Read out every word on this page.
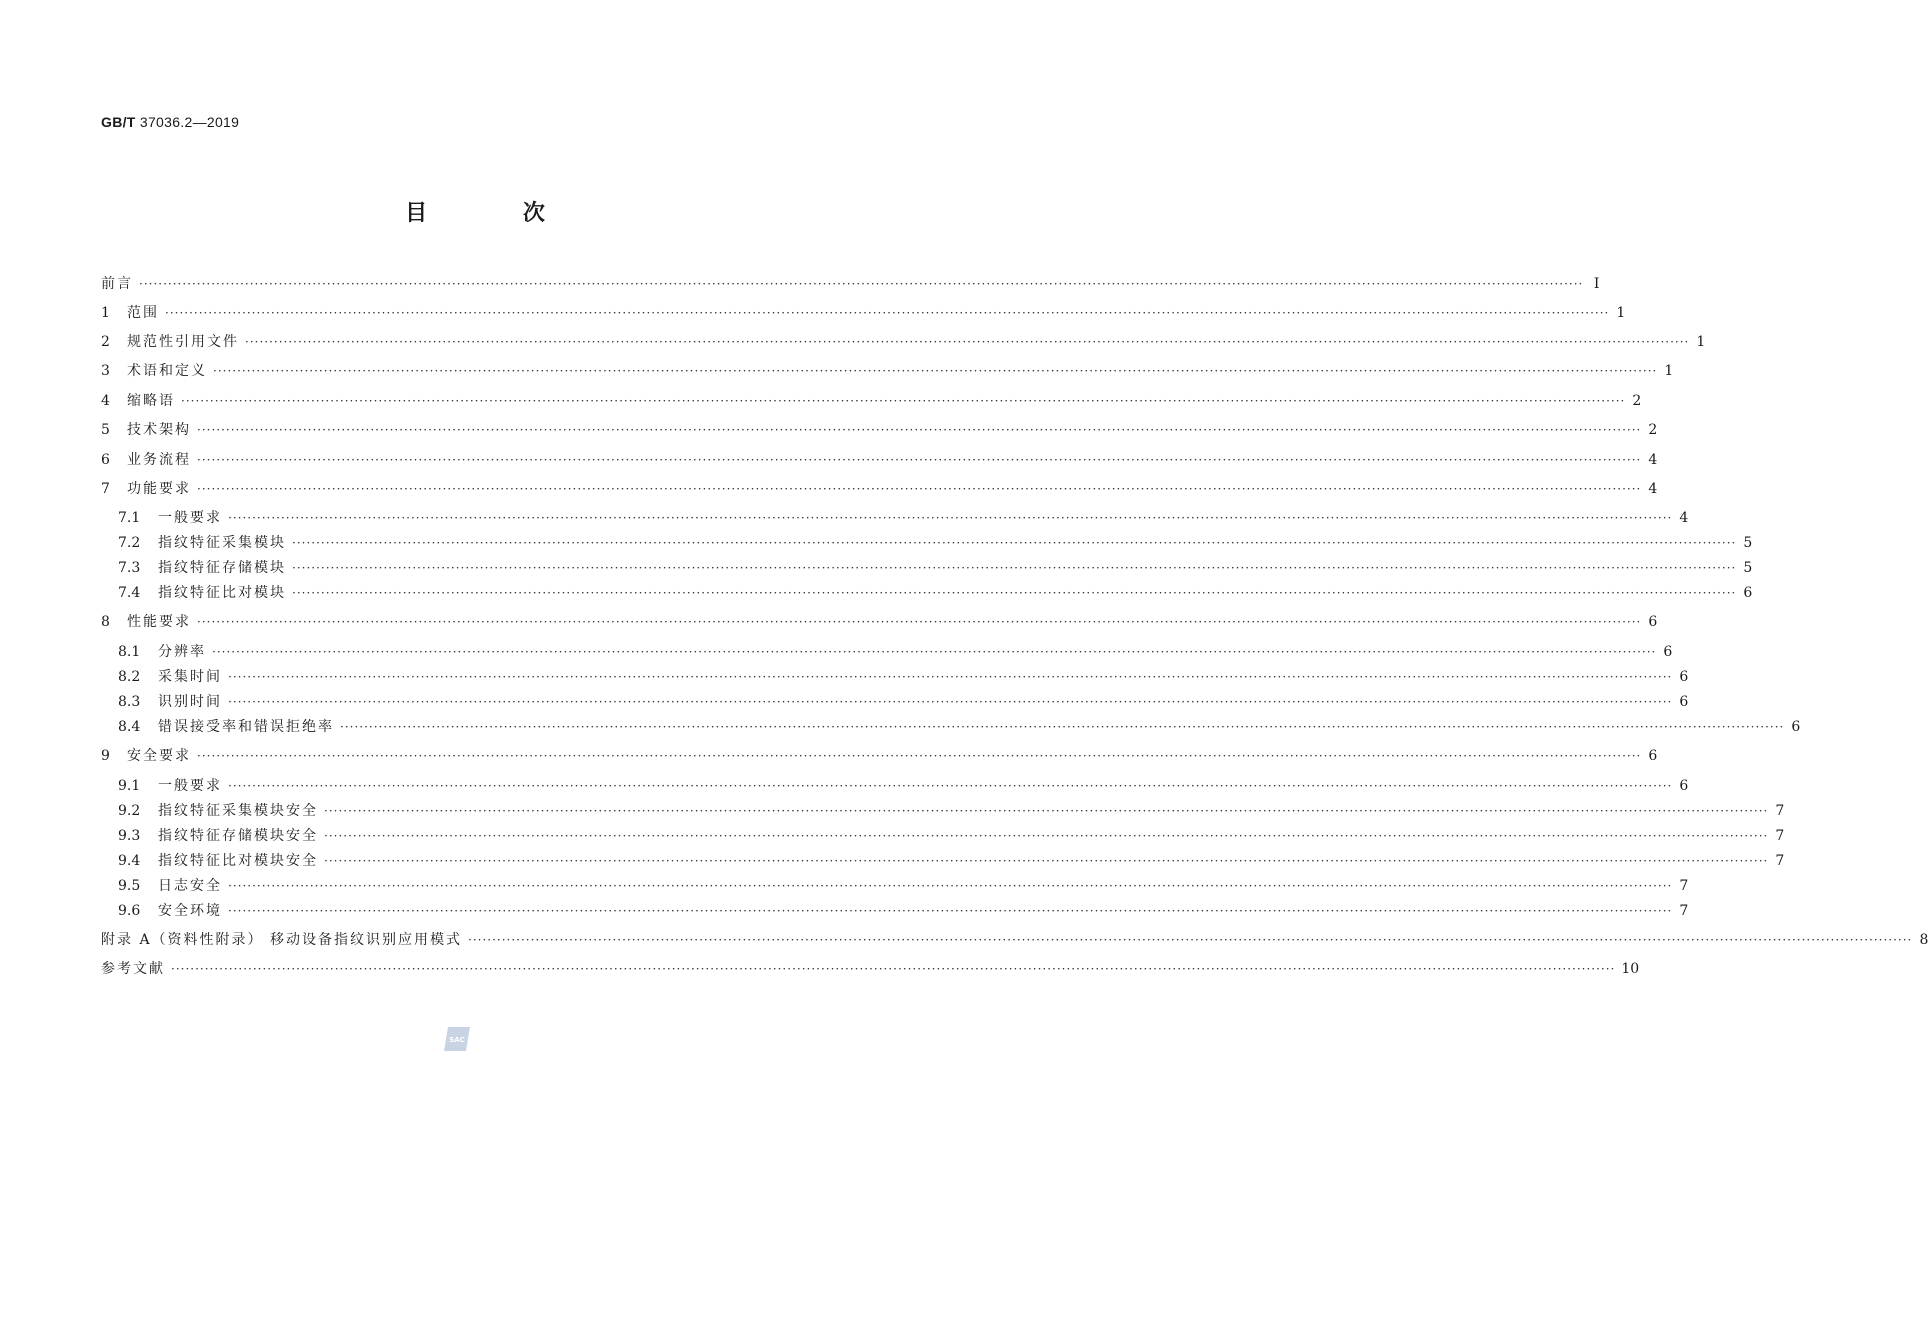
GB/T 37036.2—2019
目 次
前言 ············································································································································································································································································································ Ⅰ
1	范围 ············································································································································································································································································································ 1
2	规范性引用文件 ············································································································································································································································································································ 1
3	术语和定义 ············································································································································································································································································································ 1
4	缩略语 ············································································································································································································································································································ 2
5	技术架构 ············································································································································································································································································································ 2
6	业务流程 ············································································································································································································································································································ 4
7	功能要求 ············································································································································································································································································································ 4
7.1	一般要求 ············································································································································································································································································································ 4
7.2	指纹特征采集模块 ············································································································································································································································································································ 5
7.3	指纹特征存储模块 ············································································································································································································································································································ 5
7.4	指纹特征比对模块 ············································································································································································································································································································ 6
8	性能要求 ············································································································································································································································································································ 6
8.1	分辨率 ············································································································································································································································································································ 6
8.2	采集时间 ············································································································································································································································································································ 6
8.3	识别时间 ············································································································································································································································································································ 6
8.4	错误接受率和错误拒绝率 ············································································································································································································································································································ 6
9	安全要求 ············································································································································································································································································································ 6
9.1	一般要求 ············································································································································································································································································································ 6
9.2	指纹特征采集模块安全 ············································································································································································································································································································ 7
9.3	指纹特征存储模块安全 ············································································································································································································································································································ 7
9.4	指纹特征比对模块安全 ············································································································································································································································································································ 7
9.5	日志安全 ············································································································································································································································································································ 7
9.6	安全环境 ············································································································································································································································································································ 7
附录 A（资料性附录） 移动设备指纹识别应用模式 ············································································································································································································································································································ 8
参考文献 ············································································································································································································································································································ 10
SAC
